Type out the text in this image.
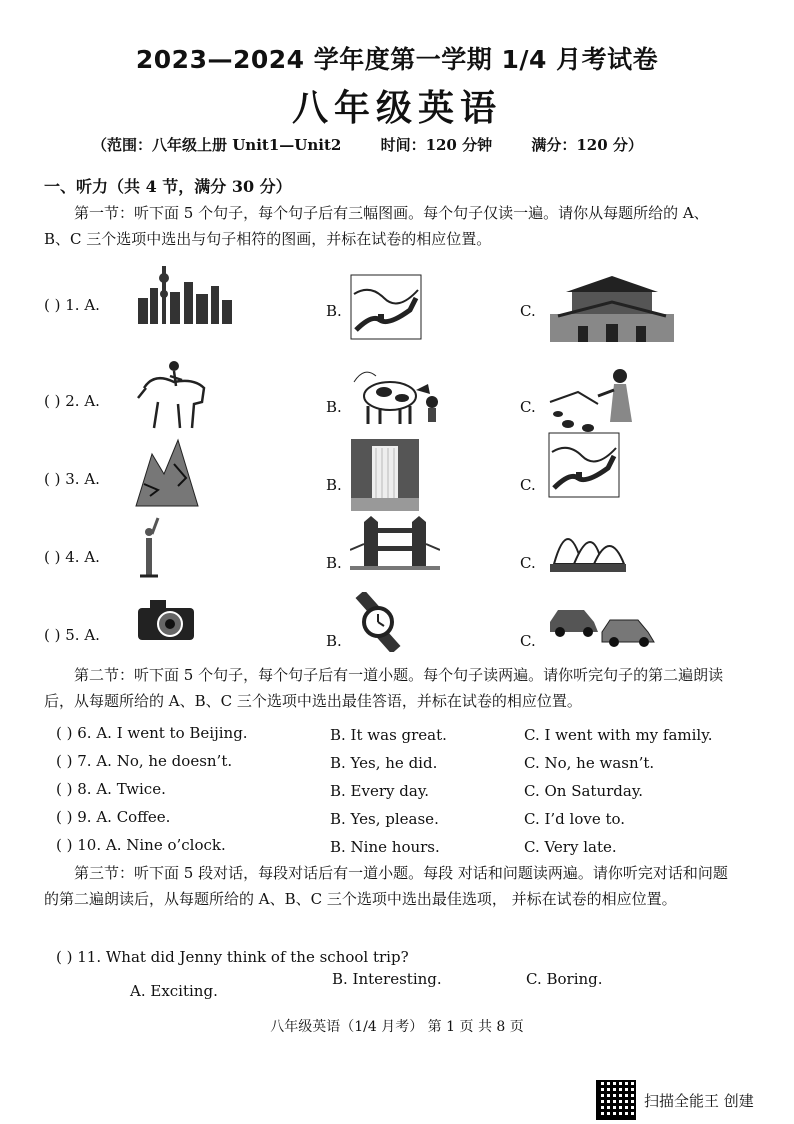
2023—2024 学年度第一学期 1/4 月考试卷
八年级英语
（范围：八年级上册 Unit1—Unit2	时间：120 分钟	满分：120 分）
一、听力（共 4 节，满分 30 分）
第一节：听下面 5 个句子，每个句子后有三幅图画。每个句子仅读一遍。请你从每题所给的 A、B、C 三个选项中选出与句子相符的图画，并标在试卷的相应位置。
( ) 1. A.	B.	C.
( ) 2. A.	B.	C.
( ) 3. A.	B.	C.
( ) 4. A.	B.	C.
( ) 5. A.	B.	C.
第二节：听下面 5 个句子，每个句子后有一道小题。每个句子读两遍。请你听完句子的第二遍朗读后，从每题所给的 A、B、C 三个选项中选出最佳答语，并标在试卷的相应位置。
( ) 6. A. I went to Beijing.	B. It was great.	C. I went with my family.
( ) 7. A. No, he doesn’t.	B. Yes, he did.	C. No, he wasn’t.
( ) 8. A. Twice.	B. Every day.	C. On Saturday.
( ) 9. A. Coffee.	B. Yes, please.	C. I’d love to.
( ) 10. A. Nine o’clock.	B. Nine hours.	C. Very late.
第三节：听下面 5 段对话，每段对话后有一道小题。每段 对话和问题读两遍。请你听完对话和问题的第二遍朗读后，从每题所给的 A、B、C 三个选项中选出最佳选项， 并标在试卷的相应位置。
( ) 11. What did Jenny think of the school trip?
A. Exciting.
B. Interesting.	C. Boring.
八年级英语（1/4 月考） 第 1 页 共 8 页
扫描全能王 创建
